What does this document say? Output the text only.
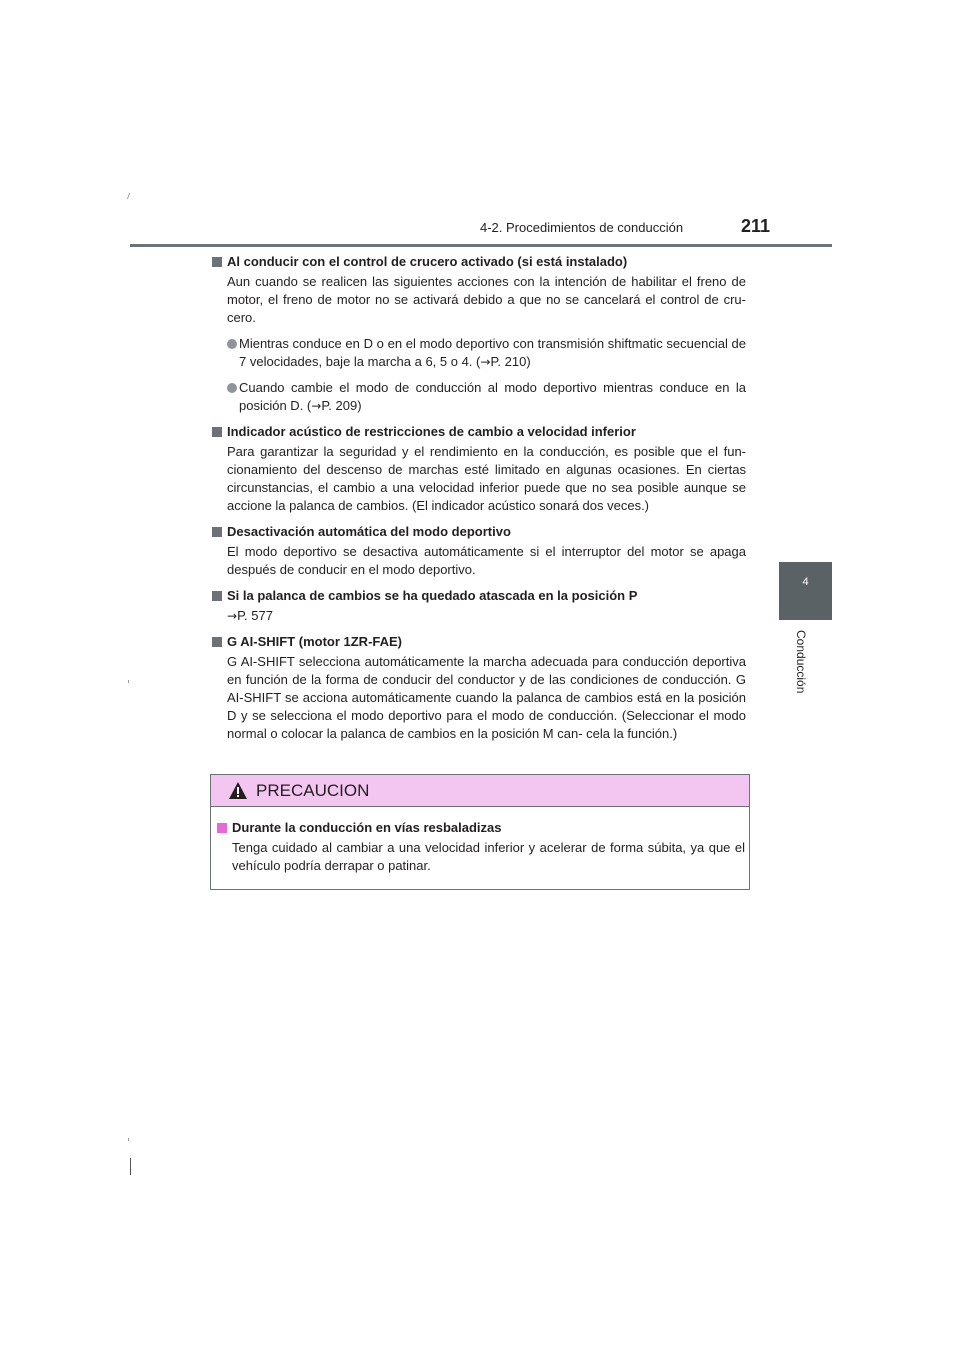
4-2. Procedimientos de conducción	211
4
Conducción
Al conducir con el control de crucero activado (si está instalado)

Aun cuando se realicen las siguientes acciones con la intención de habilitar el freno de motor, el freno de motor no se activará debido a que no se cancelará el control de cru- cero.

Mientras conduce en D o en el modo deportivo con transmisión shiftmatic secuencial de 7 velocidades, baje la marcha a 6, 5 o 4. (→P. 210)
Cuando cambie el modo de conducción al modo deportivo mientras conduce en la posición D. (→P. 209)
Indicador acústico de restricciones de cambio a velocidad inferior

Para garantizar la seguridad y el rendimiento en la conducción, es posible que el fun- cionamiento del descenso de marchas esté limitado en algunas ocasiones. En ciertas circunstancias, el cambio a una velocidad inferior puede que no sea posible aunque se accione la palanca de cambios. (El indicador acústico sonará dos veces.)

Desactivación automática del modo deportivo

El modo deportivo se desactiva automáticamente si el interruptor del motor se apaga después de conducir en el modo deportivo.

Si la palanca de cambios se ha quedado atascada en la posición P

→P. 577

G AI-SHIFT (motor 1ZR-FAE)

G AI-SHIFT selecciona automáticamente la marcha adecuada para conducción deportiva en función de la forma de conducir del conductor y de las condiciones de conducción. G AI-SHIFT se acciona automáticamente cuando la palanca de cambios está en la posición D y se selecciona el modo deportivo para el modo de conducción. (Seleccionar el modo normal o colocar la palanca de cambios en la posición M can- cela la función.)

PRECAUCION
Durante la conducción en vías resbaladizas

Tenga cuidado al cambiar a una velocidad inferior y acelerar de forma súbita, ya que el vehículo podría derrapar o patinar.
